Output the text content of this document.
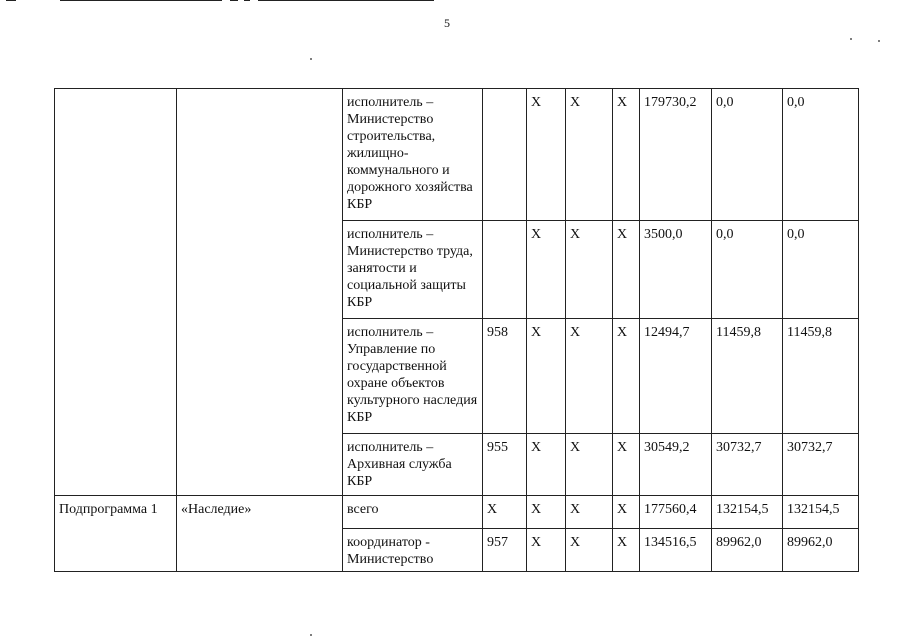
5
		исполнитель – Министерство строительства, жилищно-коммунального и дорожного хозяйства КБР		Х	Х	Х	179730,2	0,0	0,0
		исполнитель – Министерство труда, занятости и социальной защиты КБР		Х	Х	Х	3500,0	0,0	0,0
		исполнитель – Управление по государственной охране объектов культурного наследия КБР	958	Х	Х	Х	12494,7	11459,8	11459,8
		исполнитель – Архивная служба КБР	955	Х	Х	Х	30549,2	30732,7	30732,7
Подпрограмма 1	«Наследие»	всего	Х	Х	Х	Х	177560,4	132154,5	132154,5
		координатор - Министерство	957	Х	Х	Х	134516,5	89962,0	89962,0
